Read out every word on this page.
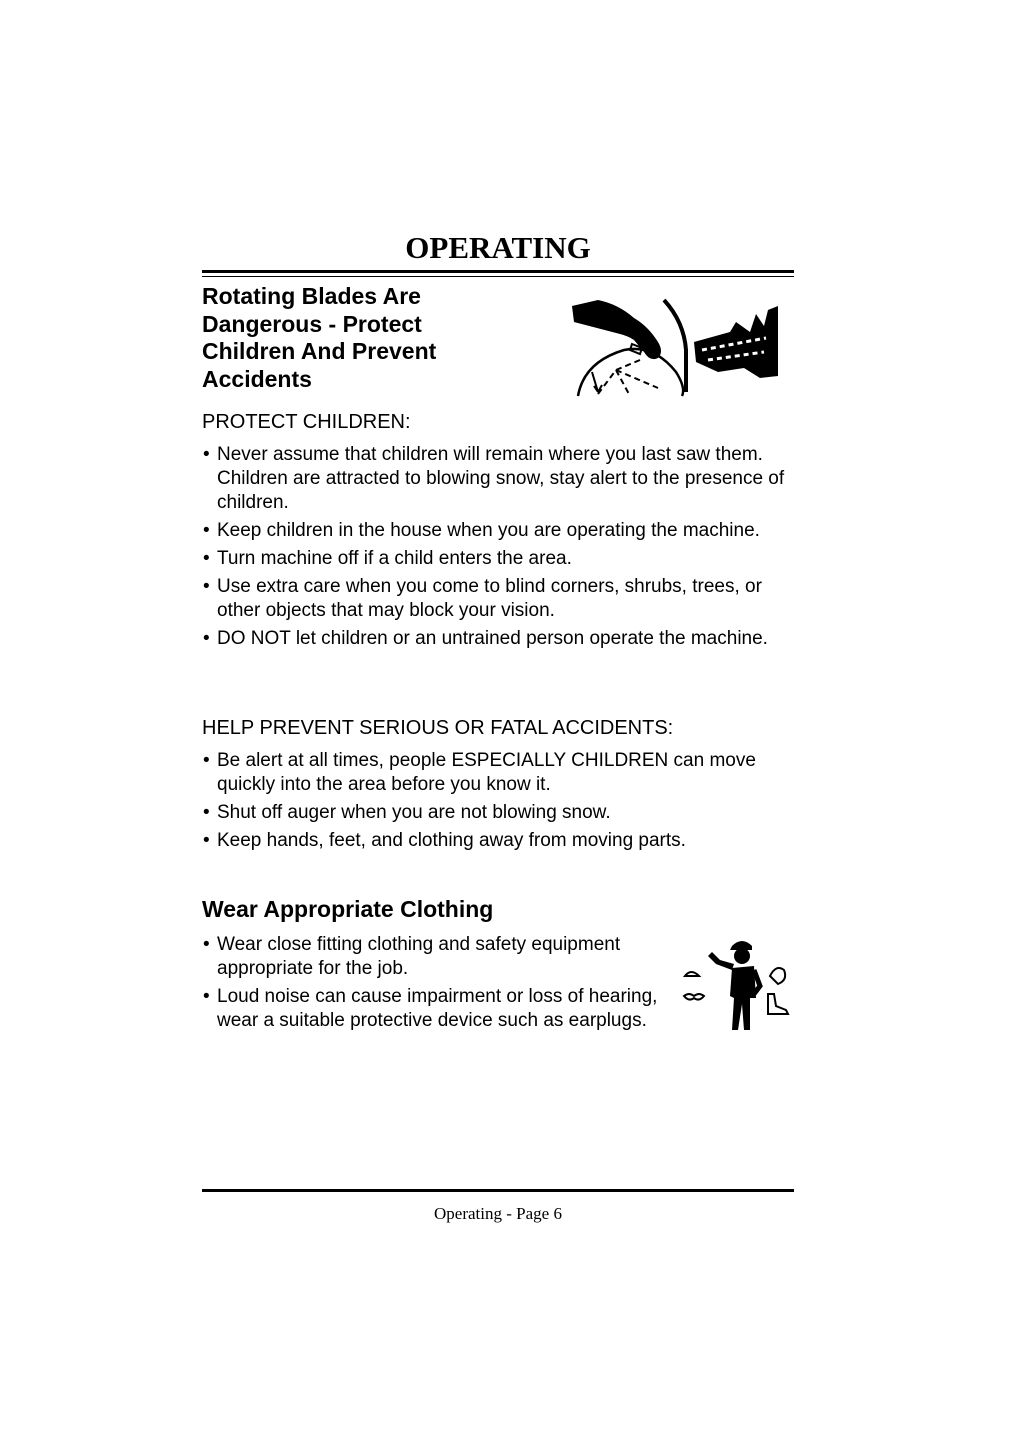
OPERATING
Rotating Blades Are
Dangerous - Protect
Children And Prevent
Accidents
PROTECT CHILDREN:
• Never assume that children will remain where you last saw them. Children are attracted to blowing snow, stay alert to the presence of children.
• Keep children in the house when you are operating the machine.
• Turn machine off if a child enters the area.
• Use extra care when you come to blind corners, shrubs, trees, or other objects that may block your vision.
• DO NOT let children or an untrained person operate the machine.
HELP PREVENT SERIOUS OR FATAL ACCIDENTS:
• Be alert at all times, people ESPECIALLY CHILDREN can move quickly into the area before you know it.
• Shut off auger when you are not blowing snow.
• Keep hands, feet, and clothing away from moving parts.
Wear Appropriate Clothing
• Wear close fitting clothing and safety equipment appropriate for the job.
• Loud noise can cause impairment or loss of hearing, wear a suitable protective device such as earplugs.
Operating - Page 6
